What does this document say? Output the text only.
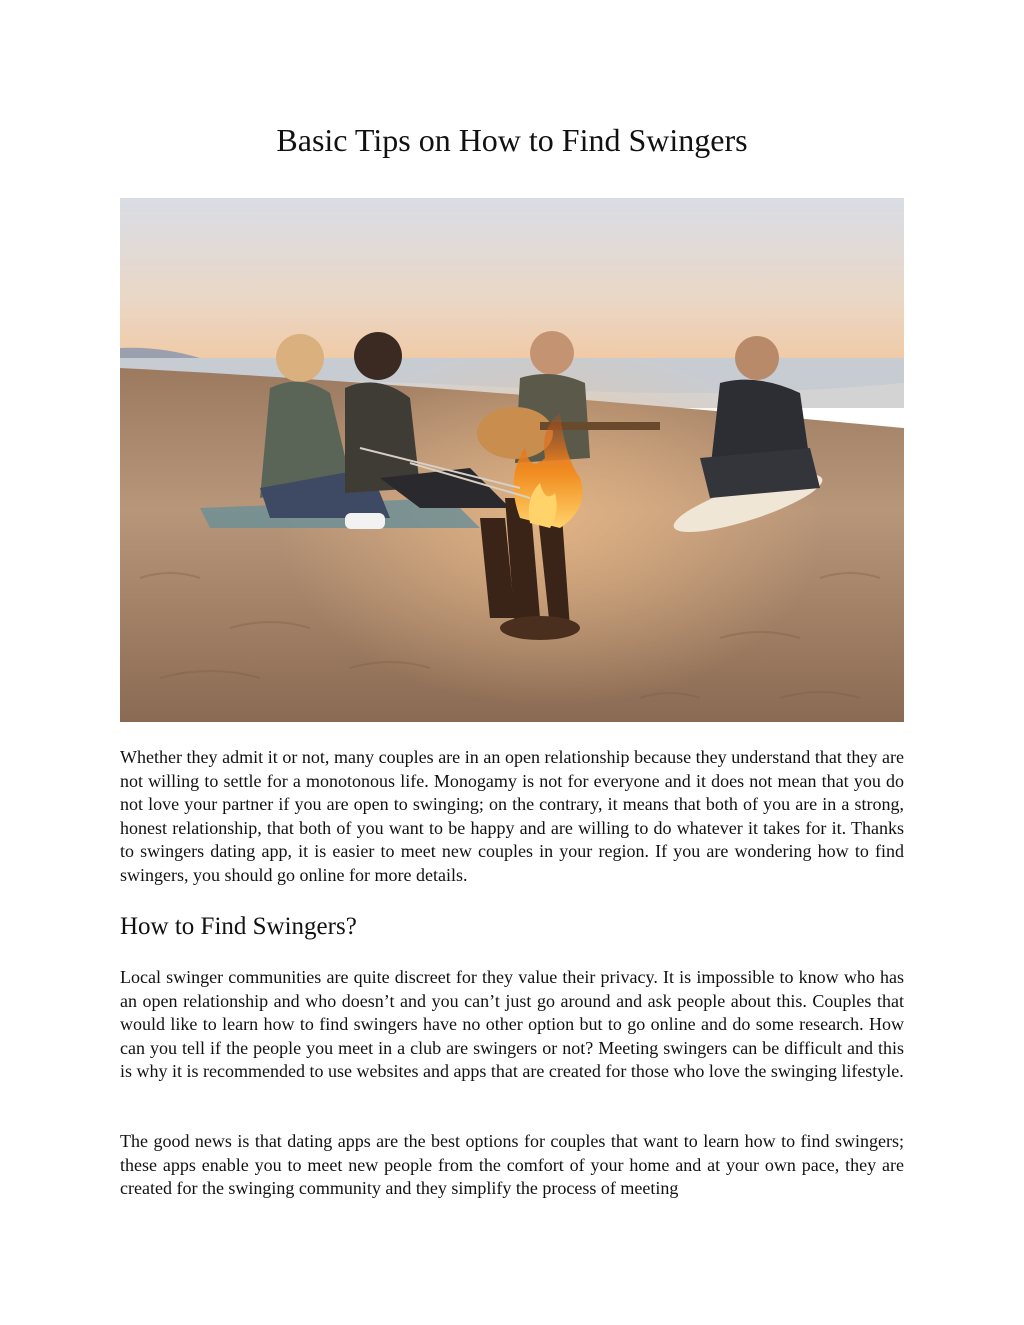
Basic Tips on How to Find Swingers

Whether they admit it or not, many couples are in an open relationship because they understand that they are not willing to settle for a monotonous life. Monogamy is not for everyone and it does not mean that you do not love your partner if you are open to swinging; on the contrary, it means that both of you are in a strong, honest relationship, that both of you want to be happy and are willing to do whatever it takes for it. Thanks to swingers dating app, it is easier to meet new couples in your region. If you are wondering how to find swingers, you should go online for more details.

How to Find Swingers?

Local swinger communities are quite discreet for they value their privacy. It is impossible to know who has an open relationship and who doesn’t and you can’t just go around and ask people about this. Couples that would like to learn how to find swingers have no other option but to go online and do some research. How can you tell if the people you meet in a club are swingers or not? Meeting swingers can be difficult and this is why it is recommended to use websites and apps that are created for those who love the swinging lifestyle.

The good news is that dating apps are the best options for couples that want to learn how to find swingers; these apps enable you to meet new people from the comfort of your home and at your own pace, they are created for the swinging community and they simplify the process of meeting
